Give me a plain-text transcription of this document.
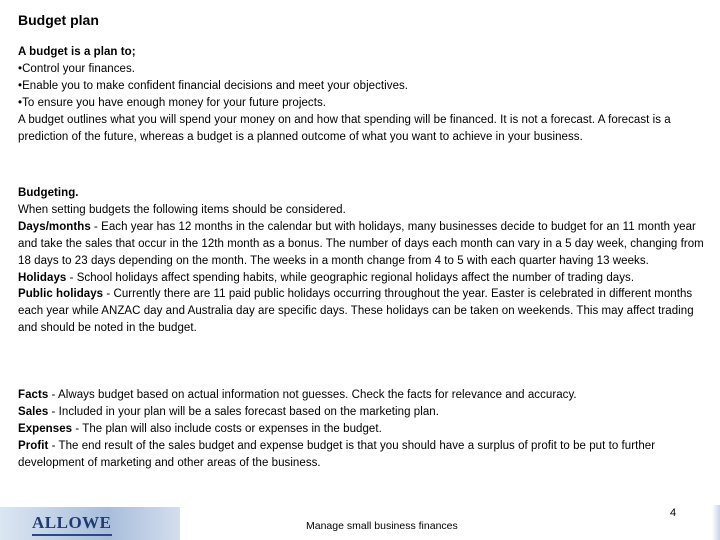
Budget plan

A budget is a plan to;

•Control your finances.

•Enable you to make confident financial decisions and meet your objectives.

•To ensure you have enough money for your future projects.

A budget outlines what you will spend your money on and how that spending will be financed. It is not a forecast. A forecast is a prediction of the future, whereas a budget is a planned outcome of what you want to achieve in your business.

Budgeting.

When setting budgets the following items should be considered.

Days/months - Each year has 12 months in the calendar but with holidays, many businesses decide to budget for an 11 month year and take the sales that occur in the 12th month as a bonus. The number of days each month can vary in a 5 day week, changing from 18 days to 23 days depending on the month. The weeks in a month change from 4 to 5 with each quarter having 13 weeks.

Holidays - School holidays affect spending habits, while geographic regional holidays affect the number of trading days.

Public holidays - Currently there are 11 paid public holidays occurring throughout the year. Easter is celebrated in different months each year while ANZAC day and Australia day are specific days. These holidays can be taken on weekends. This may affect trading and should be noted in the budget.

Facts - Always budget based on actual information not guesses. Check the facts for relevance and accuracy.

Sales - Included in your plan will be a sales forecast based on the marketing plan.

Expenses - The plan will also include costs or expenses in the budget.

Profit - The end result of the sales budget and expense budget is that you should have a surplus of profit to be put to further development of marketing and other areas of the business.

ALLOWE	Manage small business finances
4
